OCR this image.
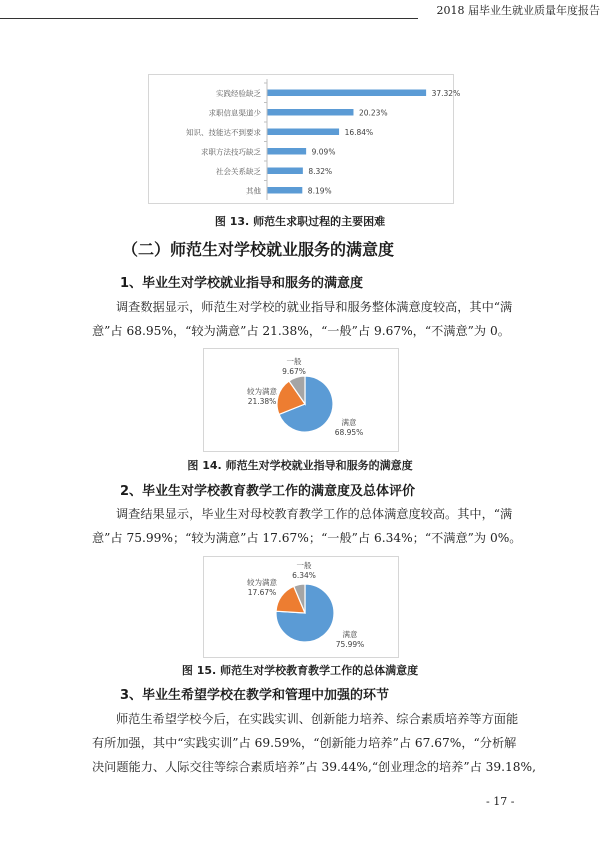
2018 届毕业生就业质量年度报告
实践经验缺乏	37.32%
求职信息渠道少	20.23%
知识、技能达不到要求	16.84%
求职方法技巧缺乏	9.09%
社会关系缺乏	8.32%
其他	8.19%
图 13. 师范生求职过程的主要困难
（二）师范生对学校就业服务的满意度
1、毕业生对学校就业指导和服务的满意度
调查数据显示，师范生对学校的就业指导和服务整体满意度较高，其中“满
意”占 68.95%，“较为满意”占 21.38%，“一般”占 9.67%，“不满意”为 0。
满意
68.95%
较为满意
21.38%
一般
9.67%
图 14. 师范生对学校就业指导和服务的满意度
2、毕业生对学校教育教学工作的满意度及总体评价
调查结果显示，毕业生对母校教育教学工作的总体满意度较高。其中，“满
意”占 75.99%；“较为满意”占 17.67%；“一般”占 6.34%；“不满意”为 0%。
满意
75.99%
较为满意
17.67%
一般
6.34%
图 15. 师范生对学校教育教学工作的总体满意度
3、毕业生希望学校在教学和管理中加强的环节
师范生希望学校今后，在实践实训、创新能力培养、综合素质培养等方面能
有所加强，其中“实践实训”占 69.59%，“创新能力培养”占 67.67%，“分析解
决问题能力、人际交往等综合素质培养”占 39.44%,“创业理念的培养”占 39.18%,
- 17 -
